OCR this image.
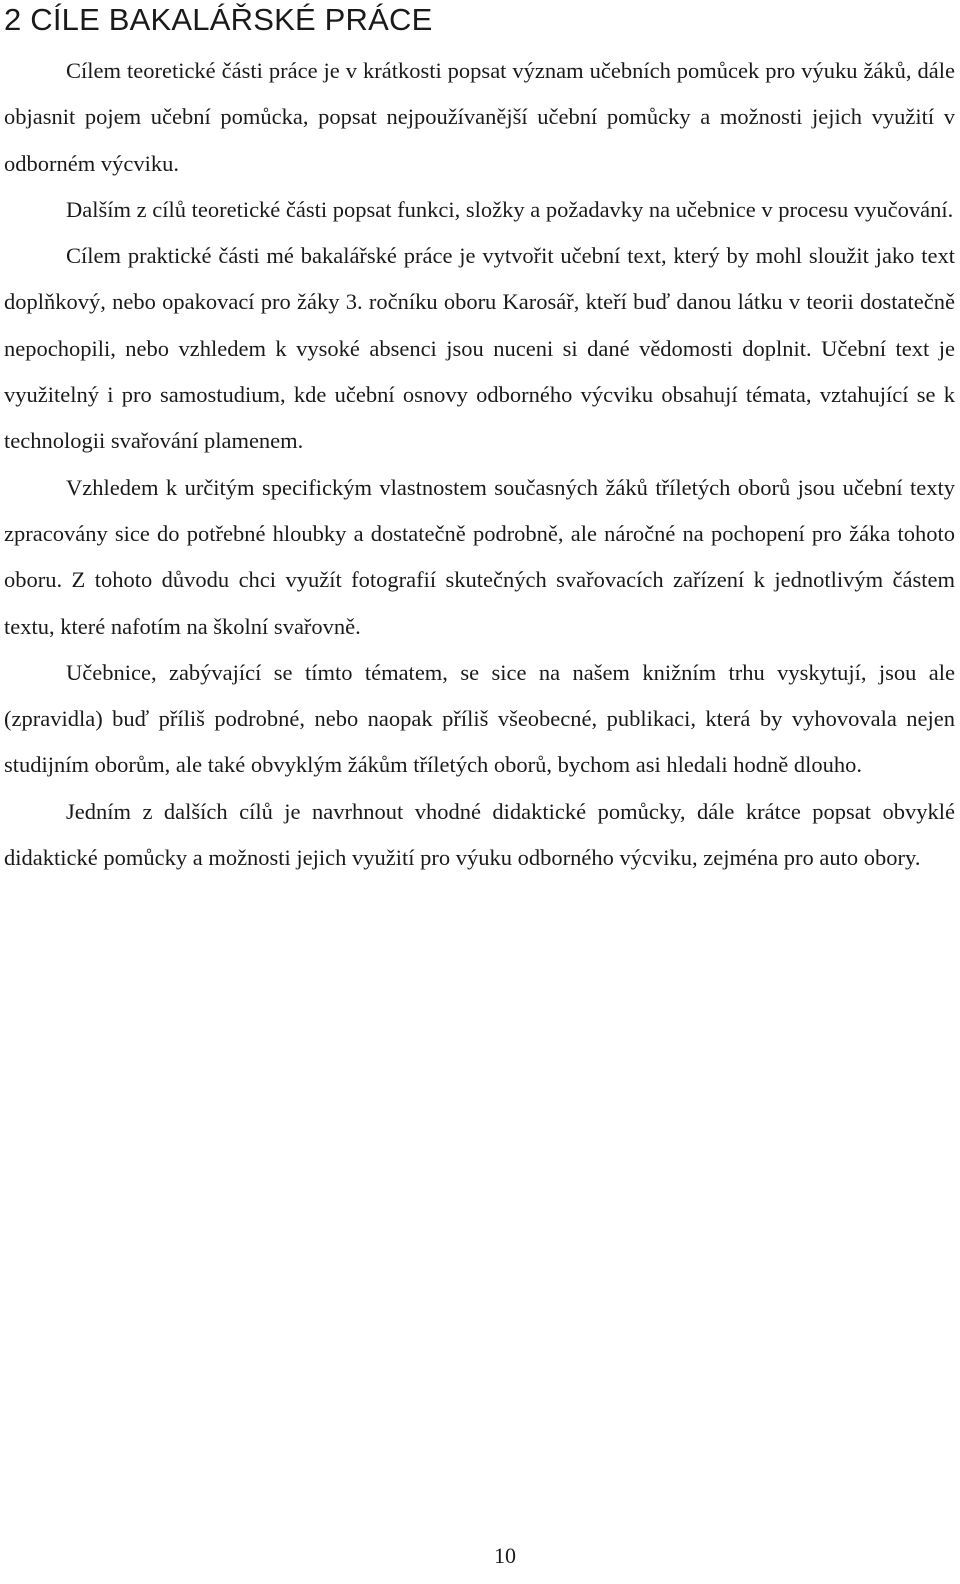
2 CÍLE BAKALÁŘSKÉ PRÁCE

Cílem teoretické části práce je v krátkosti popsat význam učebních pomůcek pro výuku žáků, dále objasnit pojem učební pomůcka, popsat nejpoužívanější učební pomůcky a možnosti jejich využití v odborném výcviku.

Dalším z cílů teoretické části popsat funkci, složky a požadavky na učebnice v procesu vyučování.

Cílem praktické části mé bakalářské práce je vytvořit učební text, který by mohl sloužit jako text doplňkový, nebo opakovací pro žáky 3. ročníku oboru Karosář, kteří buď danou látku v teorii dostatečně nepochopili, nebo vzhledem k vysoké absenci jsou nuceni si dané vědomosti doplnit. Učební text je využitelný i pro samostudium, kde učební osnovy odborného výcviku obsahují témata, vztahující se k technologii svařování plamenem.

Vzhledem k určitým specifickým vlastnostem současných žáků tříletých oborů jsou učební texty zpracovány sice do potřebné hloubky a dostatečně podrobně, ale náročné na pochopení pro žáka tohoto oboru. Z tohoto důvodu chci využít fotografií skutečných svařovacích zařízení k jednotlivým částem textu, které nafotím na školní svařovně.

Učebnice, zabývající se tímto tématem, se sice na našem knižním trhu vyskytují, jsou ale (zpravidla) buď příliš podrobné, nebo naopak příliš všeobecné, publikaci, která by vyhovovala nejen studijním oborům, ale také obvyklým žákům tříletých oborů, bychom asi hledali hodně dlouho.

Jedním z dalších cílů je navrhnout vhodné didaktické pomůcky, dále krátce popsat obvyklé didaktické pomůcky a možnosti jejich využití pro výuku odborného výcviku, zejména pro auto obory.

10
